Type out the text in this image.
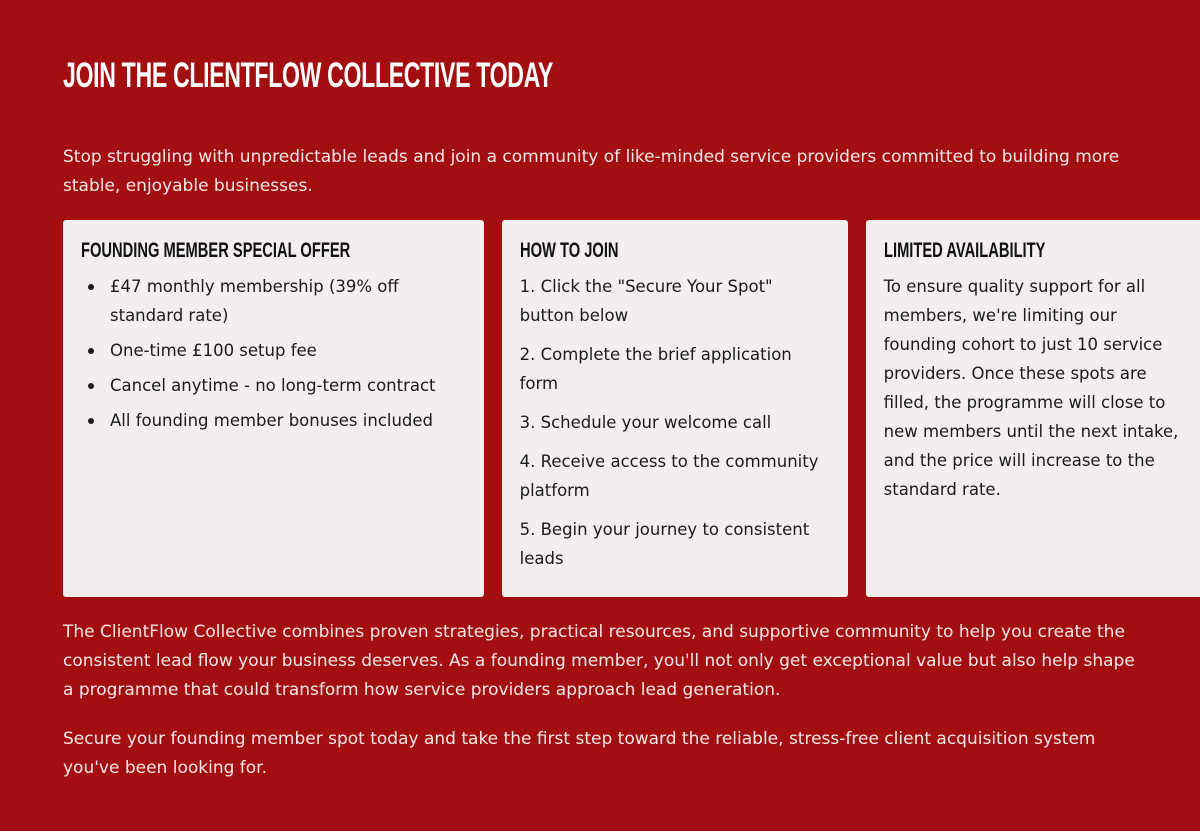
JOIN THE CLIENTFLOW COLLECTIVE TODAY

Stop struggling with unpredictable leads and join a community of like-minded service providers committed to building more stable, enjoyable businesses.

FOUNDING MEMBER SPECIAL OFFER
£47 monthly membership (39% off standard rate)
One-time £100 setup fee
Cancel anytime - no long-term contract
All founding member bonuses included
HOW TO JOIN

1. Click the "Secure Your Spot" button below

2. Complete the brief application form

3. Schedule your welcome call

4. Receive access to the community platform

5. Begin your journey to consistent leads

LIMITED AVAILABILITY

To ensure quality support for all members, we're limiting our founding cohort to just 10 service providers. Once these spots are filled, the programme will close to new members until the next intake, and the price will increase to the standard rate.

The ClientFlow Collective combines proven strategies, practical resources, and supportive community to help you create the consistent lead flow your business deserves. As a founding member, you'll not only get exceptional value but also help shape a programme that could transform how service providers approach lead generation.

Secure your founding member spot today and take the first step toward the reliable, stress-free client acquisition system you've been looking for.
